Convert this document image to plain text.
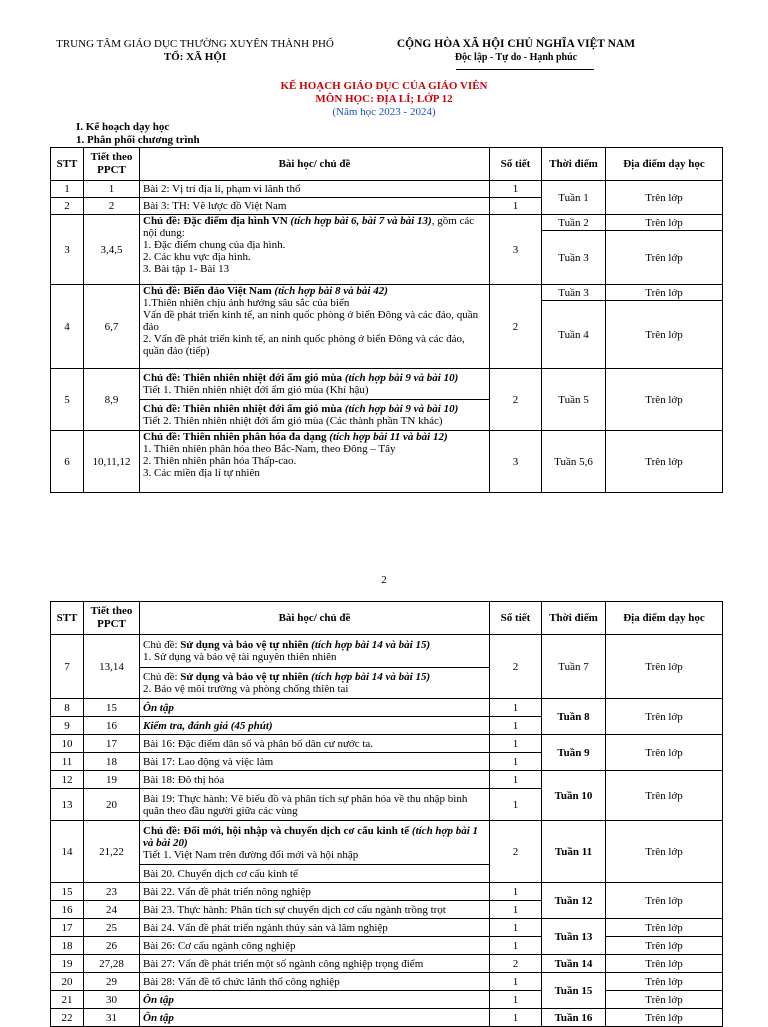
TRUNG TÂM GIÁO DỤC THƯỜNG XUYÊN THÀNH PHỐ
TỔ: XÃ HỘI
CỘNG HÒA XÃ HỘI CHỦ NGHĨA VIỆT NAM
Độc lập - Tự do - Hạnh phúc
KẾ HOẠCH GIÁO DỤC CỦA GIÁO VIÊN
MÔN HỌC: ĐỊA LÍ; LỚP 12
(Năm học 2023 - 2024)
I. Kế hoạch dạy học
1. Phân phối chương trình
STT	Tiết theo PPCT	Bài học/ chủ đề	Số tiết	Thời điểm	Địa điểm dạy học
1	1	Bài 2: Vị trí địa lí, phạm vi lãnh thổ	1	Tuần 1	Trên lớp
2	2	Bài 3: TH: Vẽ lược đồ Việt Nam	1		
3	3,4,5	Chủ đề: Đặc điểm địa hình VN (tích hợp bài 6, bài 7 và bài 13), gồm các nội dung:
1. Đặc điểm chung của địa hình.
2. Các khu vực địa hình.
3. Bài tập 1- Bài 13	3	Tuần 2	Trên lớp
				Tuần 3	Trên lớp
4	6,7	Chủ đề: Biển đảo Việt Nam (tích hợp bài 8 và bài 42)
1.Thiên nhiên chịu ảnh hưởng sâu sắc của biển
Vấn đề phát triển kinh tế, an ninh quốc phòng ở biển Đông và các đảo, quần đảo
2. Vấn đề phát triển kinh tế, an ninh quốc phòng ở biển Đông và các đảo, quần đảo (tiếp)	2	Tuần 3	Trên lớp
				Tuần 4	Trên lớp
5	8,9	Chủ đề: Thiên nhiên nhiệt đới ẩm gió mùa (tích hợp bài 9 và bài 10)
Tiết 1. Thiên nhiên nhiệt đới ẩm gió mùa (Khí hậu)	2	Tuần 5	Trên lớp
		Chủ đề: Thiên nhiên nhiệt đới ẩm gió mùa (tích hợp bài 9 và bài 10)
Tiết 2. Thiên nhiên nhiệt đới ẩm gió mùa (Các thành phần TN khác)			
6	10,11,12	Chủ đề: Thiên nhiên phân hóa đa dạng (tích hợp bài 11 và bài 12)
1. Thiên nhiên phân hóa theo Bắc-Nam, theo Đông – Tây
2. Thiên nhiên phân hóa Thấp-cao.
3. Các miền địa lí tự nhiên	3	Tuần 5,6	Trên lớp
2
STT	Tiết theo PPCT	Bài học/ chủ đề	Số tiết	Thời điểm	Địa điểm dạy học
7	13,14	Chủ đề: Sử dụng và bảo vệ tự nhiên (tích hợp bài 14 và bài 15)
1. Sử dụng và bảo vệ tài nguyên thiên nhiên	2	Tuần 7	Trên lớp
		Chủ đề: Sử dụng và bảo vệ tự nhiên (tích hợp bài 14 và bài 15)
2. Bảo vệ môi trường và phòng chống thiên tai			
8	15	Ôn tập	1	Tuần 8	Trên lớp
9	16	Kiểm tra, đánh giá (45 phút)	1		
10	17	Bài 16: Đặc điểm dân số và phân bố dân cư nước ta.	1	Tuần 9	Trên lớp
11	18	Bài 17: Lao động và việc làm	1		
12	19	Bài 18: Đô thị hóa	1	Tuần 10	Trên lớp
13	20	Bài 19: Thực hành: Vẽ biểu đồ và phân tích sự phân hóa về thu nhập bình quân theo đầu người giữa các vùng	1		
14	21,22	Chủ đề: Đổi mới, hội nhập và chuyển dịch cơ cấu kinh tế (tích hợp bài 1 và bài 20)
Tiết 1. Việt Nam trên đường đổi mới và hội nhập	2	Tuần 11	Trên lớp
		Bài 20. Chuyển dịch cơ cấu kinh tế			
15	23	Bài 22. Vấn đề phát triển nông nghiệp	1	Tuần 12	Trên lớp
16	24	Bài 23. Thực hành: Phân tích sự chuyển dịch cơ cấu ngành trồng trọt	1		
17	25	Bài 24. Vấn đề phát triển ngành thủy sản và lâm nghiệp	1	Tuần 13	Trên lớp
18	26	Bài 26: Cơ cấu ngành công nghiệp	1		Trên lớp
19	27,28	Bài 27: Vấn đề phát triển một số ngành công nghiệp trọng điểm	2	Tuần 14	Trên lớp
20	29	Bài 28: Vấn đề tổ chức lãnh thổ công nghiệp	1	Tuần 15	Trên lớp
21	30	Ôn tập	1		Trên lớp
22	31	Ôn tập	1	Tuần 16	Trên lớp
